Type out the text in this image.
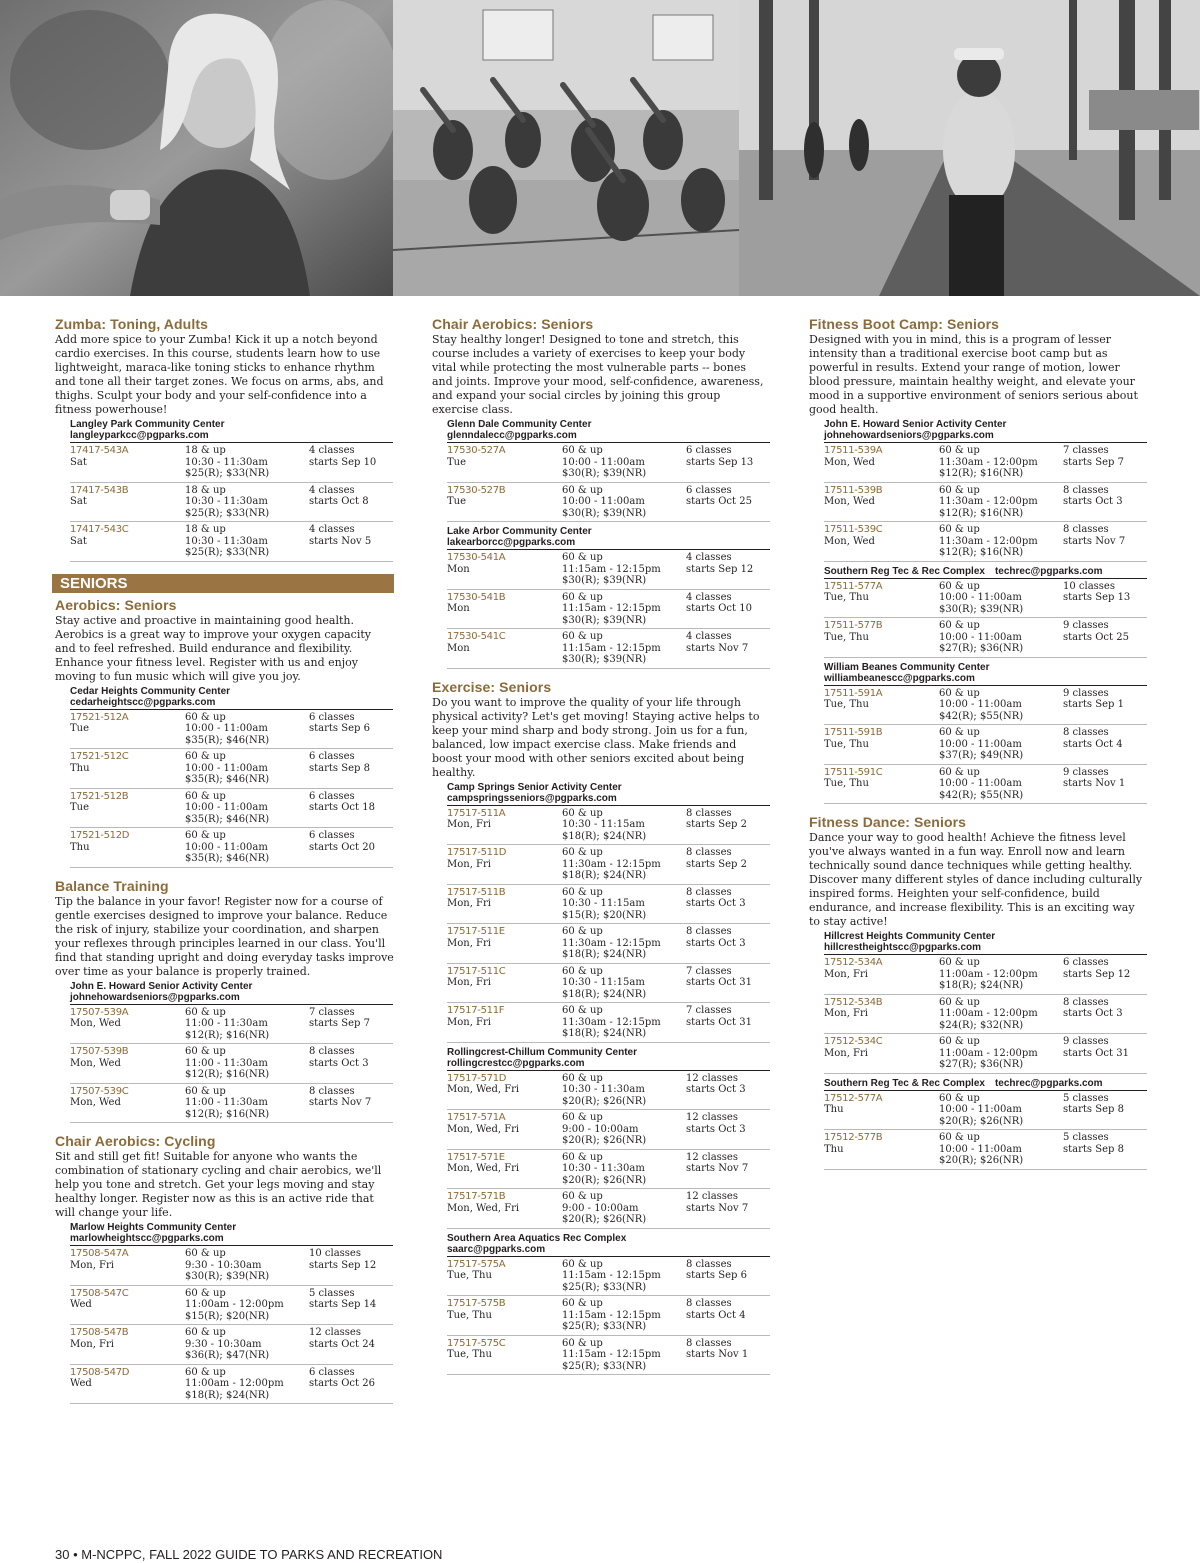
Zumba: Toning, Adults

Add more spice to your Zumba! Kick it up a notch beyond cardio exercises. In this course, students learn how to use lightweight, maraca-like toning sticks to enhance rhythm and tone all their target zones. We focus on arms, abs, and thighs. Sculpt your body and your self-confidence into a fitness powerhouse!

Langley Park Community Center
langleyparkcc@pgparks.com
17417-543A	18 & up	4 classes
Sat	10:30 - 11:30am	starts Sep 10
$25(R); $33(NR)
17417-543B	18 & up	4 classes
Sat	10:30 - 11:30am	starts Oct 8
$25(R); $33(NR)
17417-543C	18 & up	4 classes
Sat	10:30 - 11:30am	starts Nov 5
$25(R); $33(NR)
SENIORS
Aerobics: Seniors

Stay active and proactive in maintaining good health. Aerobics is a great way to improve your oxygen capacity and to feel refreshed. Build endurance and flexibility. Enhance your fitness level. Register with us and enjoy moving to fun music which will give you joy.

Cedar Heights Community Center
cedarheightscc@pgparks.com
17521-512A	60 & up	6 classes
Tue	10:00 - 11:00am	starts Sep 6
$35(R); $46(NR)
17521-512C	60 & up	6 classes
Thu	10:00 - 11:00am	starts Sep 8
$35(R); $46(NR)
17521-512B	60 & up	6 classes
Tue	10:00 - 11:00am	starts Oct 18
$35(R); $46(NR)
17521-512D	60 & up	6 classes
Thu	10:00 - 11:00am	starts Oct 20
$35(R); $46(NR)
Balance Training

Tip the balance in your favor! Register now for a course of gentle exercises designed to improve your balance. Reduce the risk of injury, stabilize your coordination, and sharpen your reflexes through principles learned in our class. You'll find that standing upright and doing everyday tasks improve over time as your balance is properly trained.

John E. Howard Senior Activity Center
johnehowardseniors@pgparks.com
17507-539A	60 & up	7 classes
Mon, Wed	11:00 - 11:30am	starts Sep 7
$12(R); $16(NR)
17507-539B	60 & up	8 classes
Mon, Wed	11:00 - 11:30am	starts Oct 3
$12(R); $16(NR)
17507-539C	60 & up	8 classes
Mon, Wed	11:00 - 11:30am	starts Nov 7
$12(R); $16(NR)
Chair Aerobics: Cycling

Sit and still get fit! Suitable for anyone who wants the combination of stationary cycling and chair aerobics, we'll help you tone and stretch. Get your legs moving and stay healthy longer. Register now as this is an active ride that will change your life.

Marlow Heights Community Center
marlowheightscc@pgparks.com
17508-547A	60 & up	10 classes
Mon, Fri	9:30 - 10:30am	starts Sep 12
$30(R); $39(NR)
17508-547C	60 & up	5 classes
Wed	11:00am - 12:00pm	starts Sep 14
$15(R); $20(NR)
17508-547B	60 & up	12 classes
Mon, Fri	9:30 - 10:30am	starts Oct 24
$36(R); $47(NR)
17508-547D	60 & up	6 classes
Wed	11:00am - 12:00pm	starts Oct 26
$18(R); $24(NR)
Chair Aerobics: Seniors

Stay healthy longer! Designed to tone and stretch, this course includes a variety of exercises to keep your body vital while protecting the most vulnerable parts -- bones and joints. Improve your mood, self-confidence, awareness, and expand your social circles by joining this group exercise class.

Glenn Dale Community Center
glenndalecc@pgparks.com
17530-527A	60 & up	6 classes
Tue	10:00 - 11:00am	starts Sep 13
$30(R); $39(NR)
17530-527B	60 & up	6 classes
Tue	10:00 - 11:00am	starts Oct 25
$30(R); $39(NR)
Lake Arbor Community Center
lakearborcc@pgparks.com
17530-541A	60 & up	4 classes
Mon	11:15am - 12:15pm	starts Sep 12
$30(R); $39(NR)
17530-541B	60 & up	4 classes
Mon	11:15am - 12:15pm	starts Oct 10
$30(R); $39(NR)
17530-541C	60 & up	4 classes
Mon	11:15am - 12:15pm	starts Nov 7
$30(R); $39(NR)
Exercise: Seniors

Do you want to improve the quality of your life through physical activity? Let's get moving! Staying active helps to keep your mind sharp and body strong. Join us for a fun, balanced, low impact exercise class. Make friends and boost your mood with other seniors excited about being healthy.

Camp Springs Senior Activity Center
campspringsseniors@pgparks.com
17517-511A	60 & up	8 classes
Mon, Fri	10:30 - 11:15am	starts Sep 2
$18(R); $24(NR)
17517-511D	60 & up	8 classes
Mon, Fri	11:30am - 12:15pm	starts Sep 2
$18(R); $24(NR)
17517-511B	60 & up	8 classes
Mon, Fri	10:30 - 11:15am	starts Oct 3
$15(R); $20(NR)
17517-511E	60 & up	8 classes
Mon, Fri	11:30am - 12:15pm	starts Oct 3
$18(R); $24(NR)
17517-511C	60 & up	7 classes
Mon, Fri	10:30 - 11:15am	starts Oct 31
$18(R); $24(NR)
17517-511F	60 & up	7 classes
Mon, Fri	11:30am - 12:15pm	starts Oct 31
$18(R); $24(NR)
Rollingcrest-Chillum Community Center
rollingcrestcc@pgparks.com
17517-571D	60 & up	12 classes
Mon, Wed, Fri	10:30 - 11:30am	starts Oct 3
$20(R); $26(NR)
17517-571A	60 & up	12 classes
Mon, Wed, Fri	9:00 - 10:00am	starts Oct 3
$20(R); $26(NR)
17517-571E	60 & up	12 classes
Mon, Wed, Fri	10:30 - 11:30am	starts Nov 7
$20(R); $26(NR)
17517-571B	60 & up	12 classes
Mon, Wed, Fri	9:00 - 10:00am	starts Nov 7
$20(R); $26(NR)
Southern Area Aquatics Rec Complex
saarc@pgparks.com
17517-575A	60 & up	8 classes
Tue, Thu	11:15am - 12:15pm	starts Sep 6
$25(R); $33(NR)
17517-575B	60 & up	8 classes
Tue, Thu	11:15am - 12:15pm	starts Oct 4
$25(R); $33(NR)
17517-575C	60 & up	8 classes
Tue, Thu	11:15am - 12:15pm	starts Nov 1
$25(R); $33(NR)
Fitness Boot Camp: Seniors

Designed with you in mind, this is a program of lesser intensity than a traditional exercise boot camp but as powerful in results. Extend your range of motion, lower blood pressure, maintain healthy weight, and elevate your mood in a supportive environment of seniors serious about good health.

John E. Howard Senior Activity Center
johnehowardseniors@pgparks.com
17511-539A	60 & up	7 classes
Mon, Wed	11:30am - 12:00pm	starts Sep 7
$12(R); $16(NR)
17511-539B	60 & up	8 classes
Mon, Wed	11:30am - 12:00pm	starts Oct 3
$12(R); $16(NR)
17511-539C	60 & up	8 classes
Mon, Wed	11:30am - 12:00pm	starts Nov 7
$12(R); $16(NR)
Southern Reg Tec & Rec Complex techrec@pgparks.com
17511-577A	60 & up	10 classes
Tue, Thu	10:00 - 11:00am	starts Sep 13
$30(R); $39(NR)
17511-577B	60 & up	9 classes
Tue, Thu	10:00 - 11:00am	starts Oct 25
$27(R); $36(NR)
William Beanes Community Center
williambeanescc@pgparks.com
17511-591A	60 & up	9 classes
Tue, Thu	10:00 - 11:00am	starts Sep 1
$42(R); $55(NR)
17511-591B	60 & up	8 classes
Tue, Thu	10:00 - 11:00am	starts Oct 4
$37(R); $49(NR)
17511-591C	60 & up	9 classes
Tue, Thu	10:00 - 11:00am	starts Nov 1
$42(R); $55(NR)
Fitness Dance: Seniors

Dance your way to good health! Achieve the fitness level you've always wanted in a fun way. Enroll now and learn technically sound dance techniques while getting healthy. Discover many different styles of dance including culturally inspired forms. Heighten your self-confidence, build endurance, and increase flexibility. This is an exciting way to stay active!

Hillcrest Heights Community Center
hillcrestheightscc@pgparks.com
17512-534A	60 & up	6 classes
Mon, Fri	11:00am - 12:00pm	starts Sep 12
$18(R); $24(NR)
17512-534B	60 & up	8 classes
Mon, Fri	11:00am - 12:00pm	starts Oct 3
$24(R); $32(NR)
17512-534C	60 & up	9 classes
Mon, Fri	11:00am - 12:00pm	starts Oct 31
$27(R); $36(NR)
Southern Reg Tec & Rec Complex techrec@pgparks.com
17512-577A	60 & up	5 classes
Thu	10:00 - 11:00am	starts Sep 8
$20(R); $26(NR)
17512-577B	60 & up	5 classes
Thu	10:00 - 11:00am	starts Sep 8
$20(R); $26(NR)
30 • M-NCPPC, FALL 2022 GUIDE TO PARKS AND RECREATION
